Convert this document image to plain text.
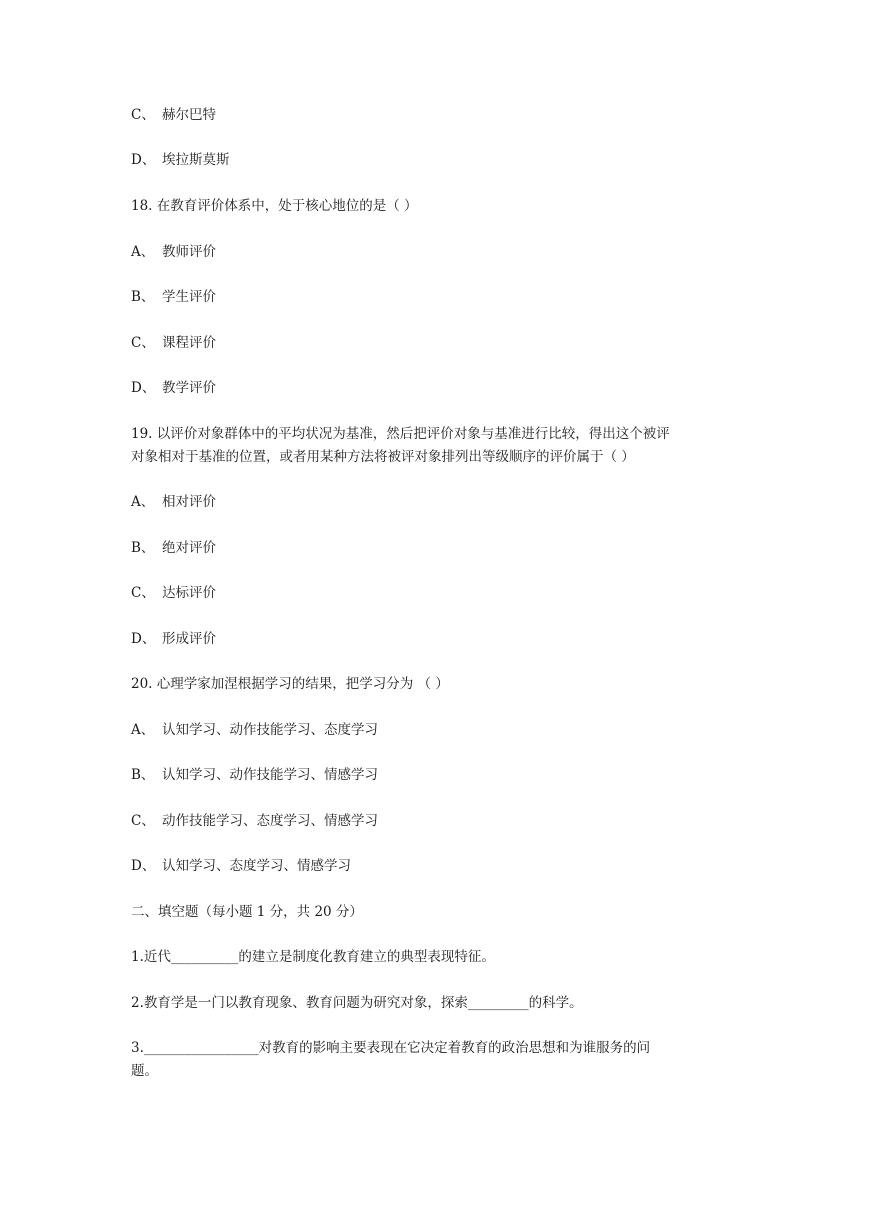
C、 赫尔巴特
D、 埃拉斯莫斯
18. 在教育评价体系中，处于核心地位的是（ ）
A、 教师评价
B、 学生评价
C、 课程评价
D、 教学评价
19. 以评价对象群体中的平均状况为基准，然后把评价对象与基准进行比较，得出这个被评
对象相对于基准的位置，或者用某种方法将被评对象排列出等级顺序的评价属于（ ）
A、 相对评价
B、 绝对评价
C、 达标评价
D、 形成评价
20. 心理学家加涅根据学习的结果，把学习分为 （ ）
A、 认知学习、动作技能学习、态度学习
B、 认知学习、动作技能学习、情感学习
C、 动作技能学习、态度学习、情感学习
D、 认知学习、态度学习、情感学习
二、填空题（每小题 1 分，共 20 分）
1.近代__________的建立是制度化教育建立的典型表现特征。
2.教育学是一门以教育现象、教育问题为研究对象，探索_________的科学。
3._________________对教育的影响主要表现在它决定着教育的政治思想和为谁服务的问
题。
